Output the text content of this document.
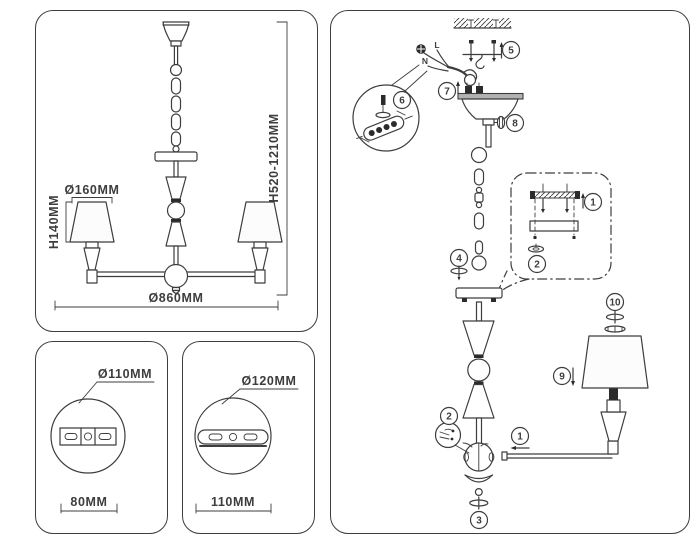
Ø160MM
H140MM
H520-1210MM
Ø860MM
Ø110MM
80MM
Ø120MM
110MM
5
L
N
6
7
8
4
1
2
2
3
1
10
9
